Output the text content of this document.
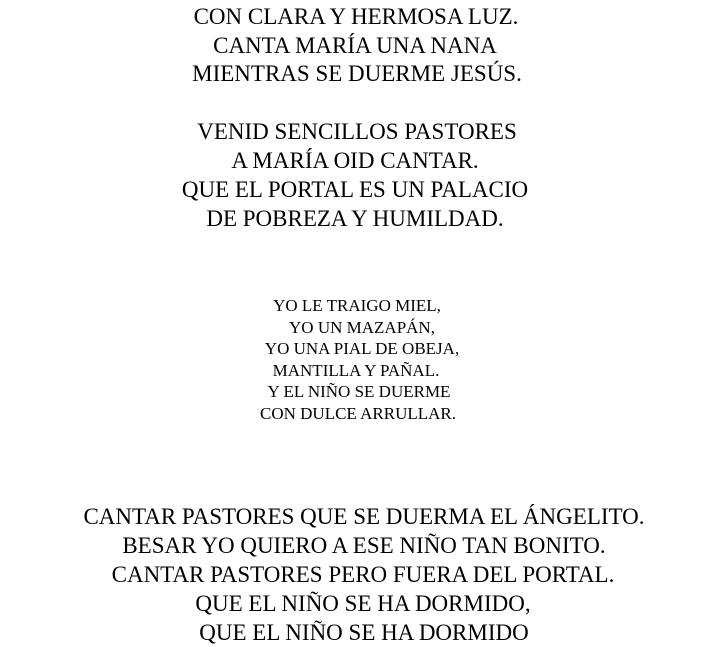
CON CLARA Y HERMOSA LUZ.
CANTA MARÍA UNA NANA
MIENTRAS SE DUERME JESÚS.
VENID SENCILLOS PASTORES
A MARÍA OID CANTAR.
QUE EL PORTAL ES UN PALACIO
DE POBREZA Y HUMILDAD.
YO LE TRAIGO MIEL,
YO UN MAZAPÁN,
YO UNA PIAL DE OBEJA,
MANTILLA Y PAÑAL.
Y EL NIÑO SE DUERME
CON DULCE ARRULLAR.
CANTAR PASTORES QUE SE DUERMA EL ÁNGELITO.
BESAR YO QUIERO A ESE NIÑO TAN BONITO.
CANTAR PASTORES PERO FUERA DEL PORTAL.
QUE EL NIÑO SE HA DORMIDO,
QUE EL NIÑO SE HA DORMIDO
